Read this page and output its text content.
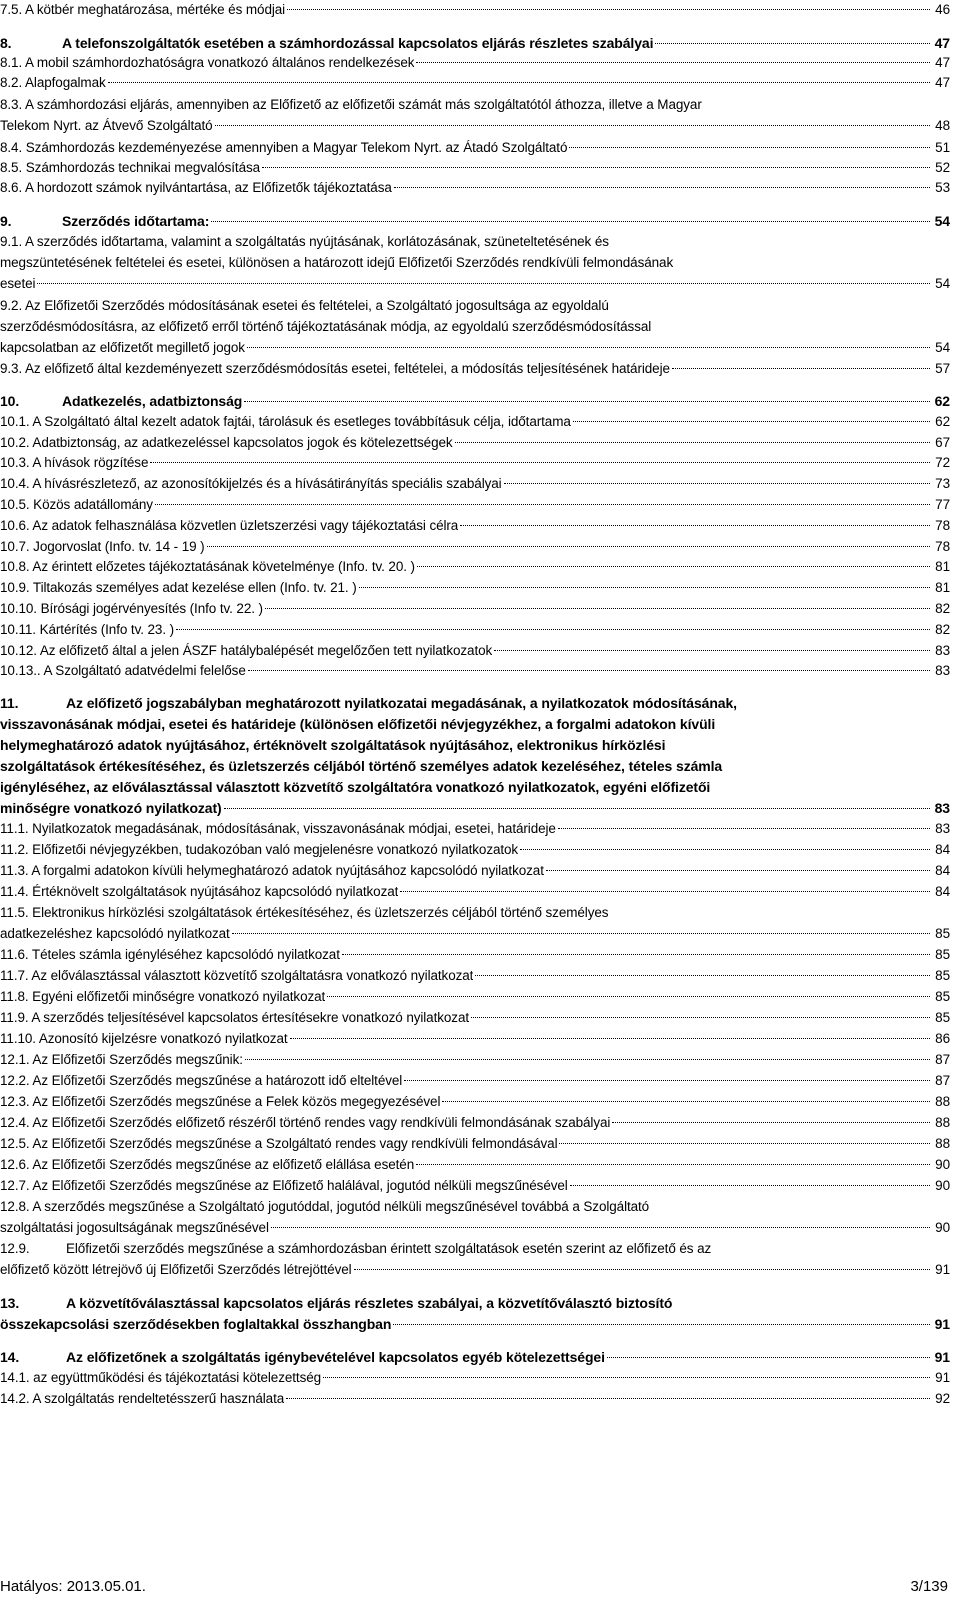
7.5. A kötbér meghatározása, mértéke és módjai	46
8.	A telefonszolgáltatók esetében a számhordozással kapcsolatos eljárás részletes szabályai	47
8.1. A mobil számhordozhatóságra vonatkozó általános rendelkezések	47
8.2. Alapfogalmak	47
8.3. A számhordozási eljárás, amennyiben az Előfizető az előfizetői számát más szolgáltatótól áthozza, illetve a Magyar
Telekom Nyrt. az Átvevő Szolgáltató	48
8.4. Számhordozás kezdeményezése amennyiben a Magyar Telekom Nyrt. az Átadó Szolgáltató	51
8.5. Számhordozás technikai megvalósítása	52
8.6. A hordozott számok nyilvántartása, az Előfizetők tájékoztatása	53
9.	Szerződés időtartama:	54
9.1. A szerződés időtartama, valamint a szolgáltatás nyújtásának, korlátozásának, szüneteltetésének és
megszüntetésének feltételei és esetei, különösen a határozott idejű Előfizetői Szerződés rendkívüli felmondásának
esetei	54
9.2. Az Előfizetői Szerződés módosításának esetei és feltételei, a Szolgáltató jogosultsága az egyoldalú
szerződésmódosításra, az előfizető erről történő tájékoztatásának módja, az egyoldalú szerződésmódosítással
kapcsolatban az előfizetőt megillető jogok	54
9.3. Az előfizető által kezdeményezett szerződésmódosítás esetei, feltételei, a módosítás teljesítésének határideje	57
10.	Adatkezelés, adatbiztonság	62
10.1. A Szolgáltató által kezelt adatok fajtái, tárolásuk és esetleges továbbításuk célja, időtartama	62
10.2. Adatbiztonság, az adatkezeléssel kapcsolatos jogok és kötelezettségek	67
10.3. A hívások rögzítése	72
10.4. A hívásrészletező, az azonosítókijelzés és a hívásátirányítás speciális szabályai	73
10.5. Közös adatállomány	77
10.6. Az adatok felhasználása közvetlen üzletszerzési vagy tájékoztatási célra	78
10.7. Jogorvoslat (Info. tv. 14 - 19 )	78
10.8. Az érintett előzetes tájékoztatásának követelménye (Info. tv. 20. )	81
10.9. Tiltakozás személyes adat kezelése ellen (Info. tv. 21. )	81
10.10. Bírósági jogérvényesítés (Info tv. 22. )	82
10.11. Kártérítés (Info tv. 23. )	82
10.12. Az előfizető által a jelen ÁSZF hatálybalépését megelőzően tett nyilatkozatok	83
10.13.. A Szolgáltató adatvédelmi felelőse	83
11.	Az előfizető jogszabályban meghatározott nyilatkozatai megadásának, a nyilatkozatok módosításának,
visszavonásának módjai, esetei és határideje (különösen előfizetői névjegyzékhez, a forgalmi adatokon kívüli
helymeghatározó adatok nyújtásához, értéknövelt szolgáltatások nyújtásához, elektronikus hírközlési
szolgáltatások értékesítéséhez, és üzletszerzés céljából történő személyes adatok kezeléséhez, tételes számla
igényléséhez, az előválasztással választott közvetítő szolgáltatóra vonatkozó nyilatkozatok, egyéni előfizetői
minőségre vonatkozó nyilatkozat)	83
11.1. Nyilatkozatok megadásának, módosításának, visszavonásának módjai, esetei, határideje	83
11.2. Előfizetői névjegyzékben, tudakozóban való megjelenésre vonatkozó nyilatkozatok	84
11.3. A forgalmi adatokon kívüli helymeghatározó adatok nyújtásához kapcsolódó nyilatkozat	84
11.4. Értéknövelt szolgáltatások nyújtásához kapcsolódó nyilatkozat	84
11.5. Elektronikus hírközlési szolgáltatások értékesítéséhez, és üzletszerzés céljából történő személyes
adatkezeléshez kapcsolódó nyilatkozat	85
11.6. Tételes számla igényléséhez kapcsolódó nyilatkozat	85
11.7. Az előválasztással választott közvetítő szolgáltatásra vonatkozó nyilatkozat	85
11.8. Egyéni előfizetői minőségre vonatkozó nyilatkozat	85
11.9. A szerződés teljesítésével kapcsolatos értesítésekre vonatkozó nyilatkozat	85
11.10. Azonosító kijelzésre vonatkozó nyilatkozat	86
12.1. Az Előfizetői Szerződés megszűnik:	87
12.2. Az Előfizetői Szerződés megszűnése a határozott idő elteltével	87
12.3. Az Előfizetői Szerződés megszűnése a Felek közös megegyezésével	88
12.4. Az Előfizetői Szerződés előfizető részéről történő rendes vagy rendkívüli felmondásának szabályai	88
12.5. Az Előfizetői Szerződés megszűnése a Szolgáltató rendes vagy rendkívüli felmondásával	88
12.6. Az Előfizetői Szerződés megszűnése az előfizető elállása esetén	90
12.7. Az Előfizetői Szerződés megszűnése az Előfizető halálával, jogutód nélküli megszűnésével	90
12.8. A szerződés megszűnése a Szolgáltató jogutóddal, jogutód nélküli megszűnésével továbbá a Szolgáltató
szolgáltatási jogosultságának megszűnésével	90
12.9.	Előfizetői szerződés megszűnése a számhordozásban érintett szolgáltatások esetén szerint az előfizető és az
előfizető között létrejövő új Előfizetői Szerződés létrejöttével	91
13.	A közvetítőválasztással kapcsolatos eljárás részletes szabályai, a közvetítőválasztó biztosító
összekapcsolási szerződésekben foglaltakkal összhangban	91
14.	Az előfizetőnek a szolgáltatás igénybevételével kapcsolatos egyéb kötelezettségei	91
14.1. az együttműködési és tájékoztatási kötelezettség	91
14.2. A szolgáltatás rendeltetésszerű használata	92
Hatályos: 2013.05.01.	3/139
